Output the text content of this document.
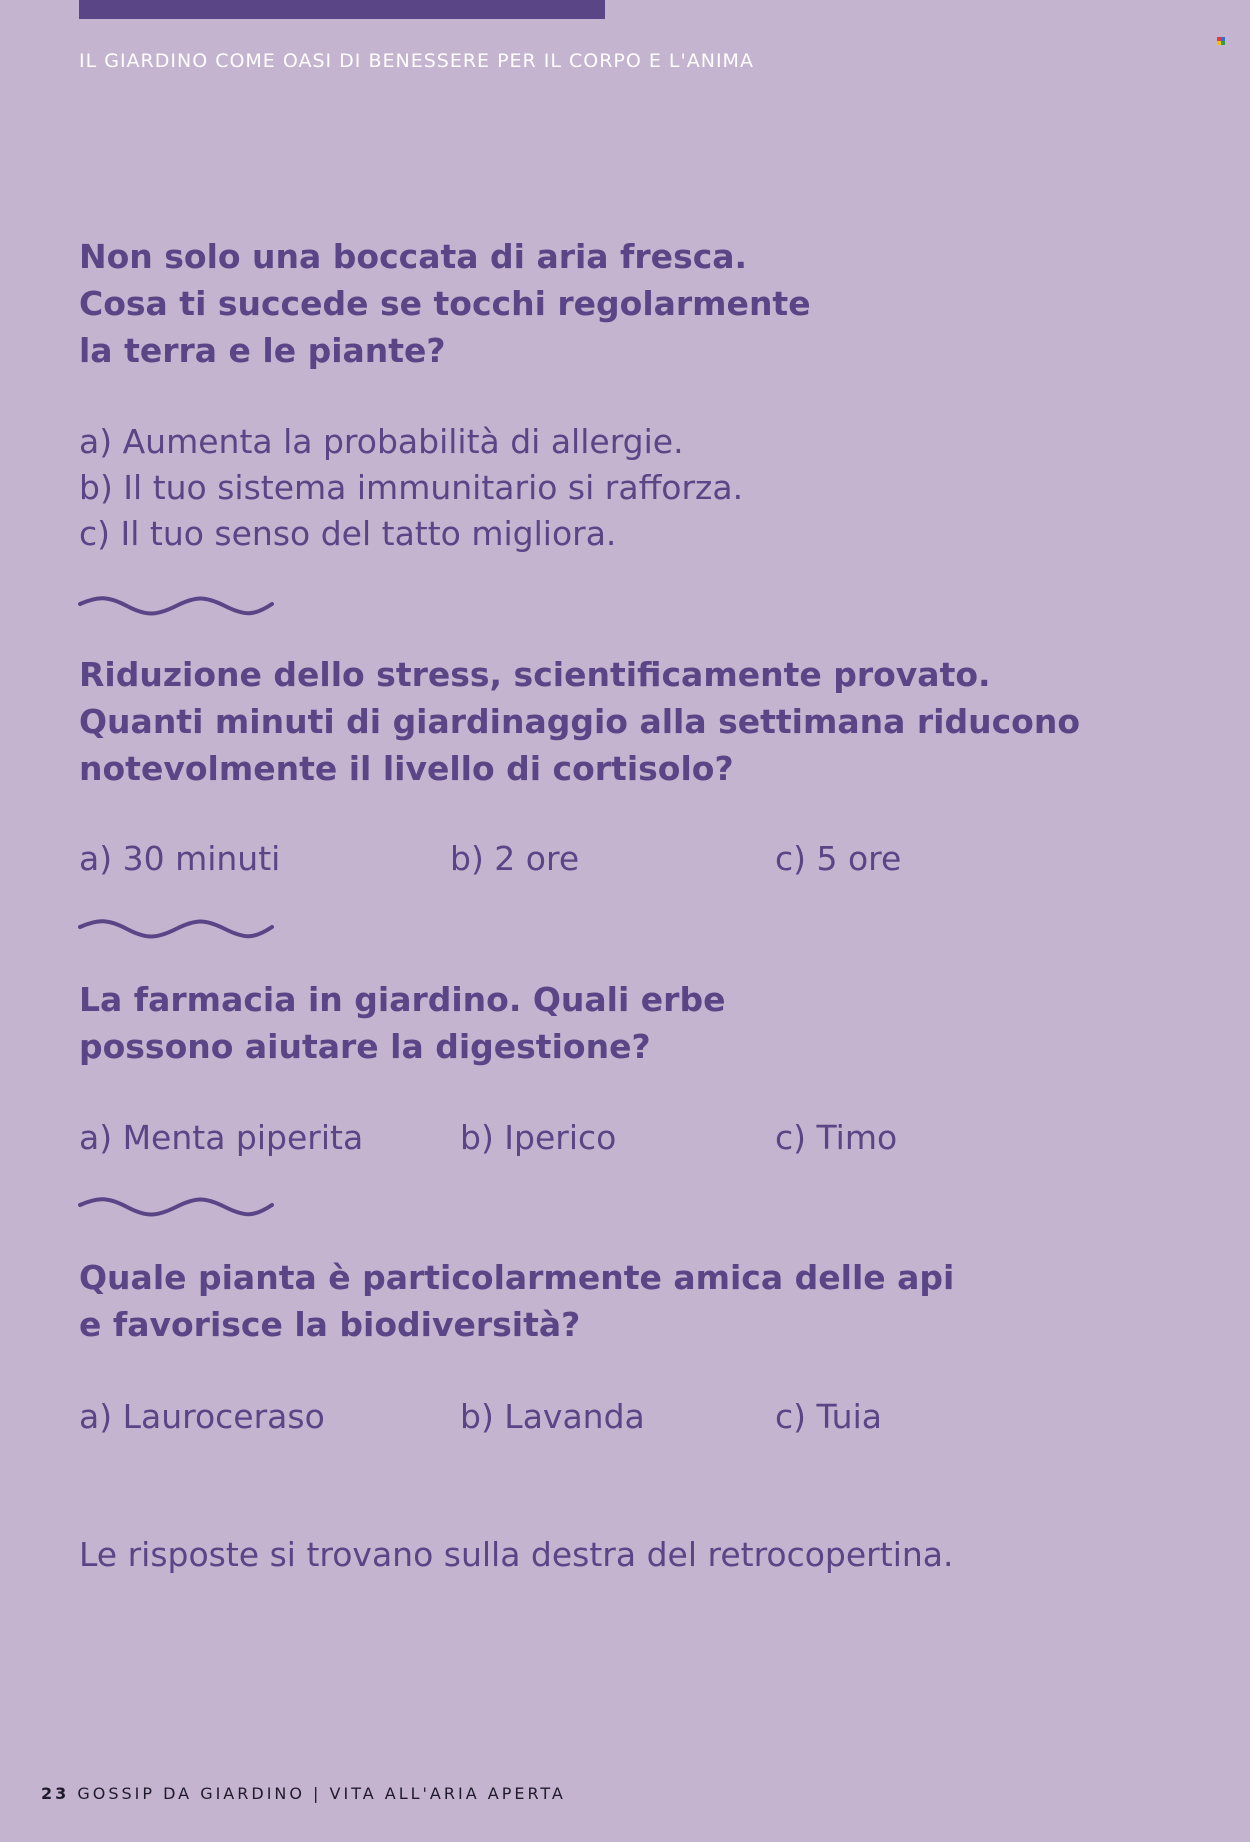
IL GIARDINO COME OASI DI BENESSERE PER IL CORPO E L'ANIMA
Non solo una boccata di aria fresca.
Cosa ti succede se tocchi regolarmente
la terra e le piante?
a) Aumenta la probabilità di allergie.
b) Il tuo sistema immunitario si rafforza.
c) Il tuo senso del tatto migliora.
Riduzione dello stress, scientificamente provato.
Quanti minuti di giardinaggio alla settimana riducono
notevolmente il livello di cortisolo?
a) 30 minuti	b) 2 ore	c) 5 ore
La farmacia in giardino. Quali erbe
possono aiutare la digestione?
a) Menta piperita	b) Iperico	c) Timo
Quale pianta è particolarmente amica delle api
e favorisce la biodiversità?
a) Lauroceraso	b) Lavanda	c) Tuia
Le risposte si trovano sulla destra del retrocopertina.
23 GOSSIP DA GIARDINO | VITA ALL'ARIA APERTA
